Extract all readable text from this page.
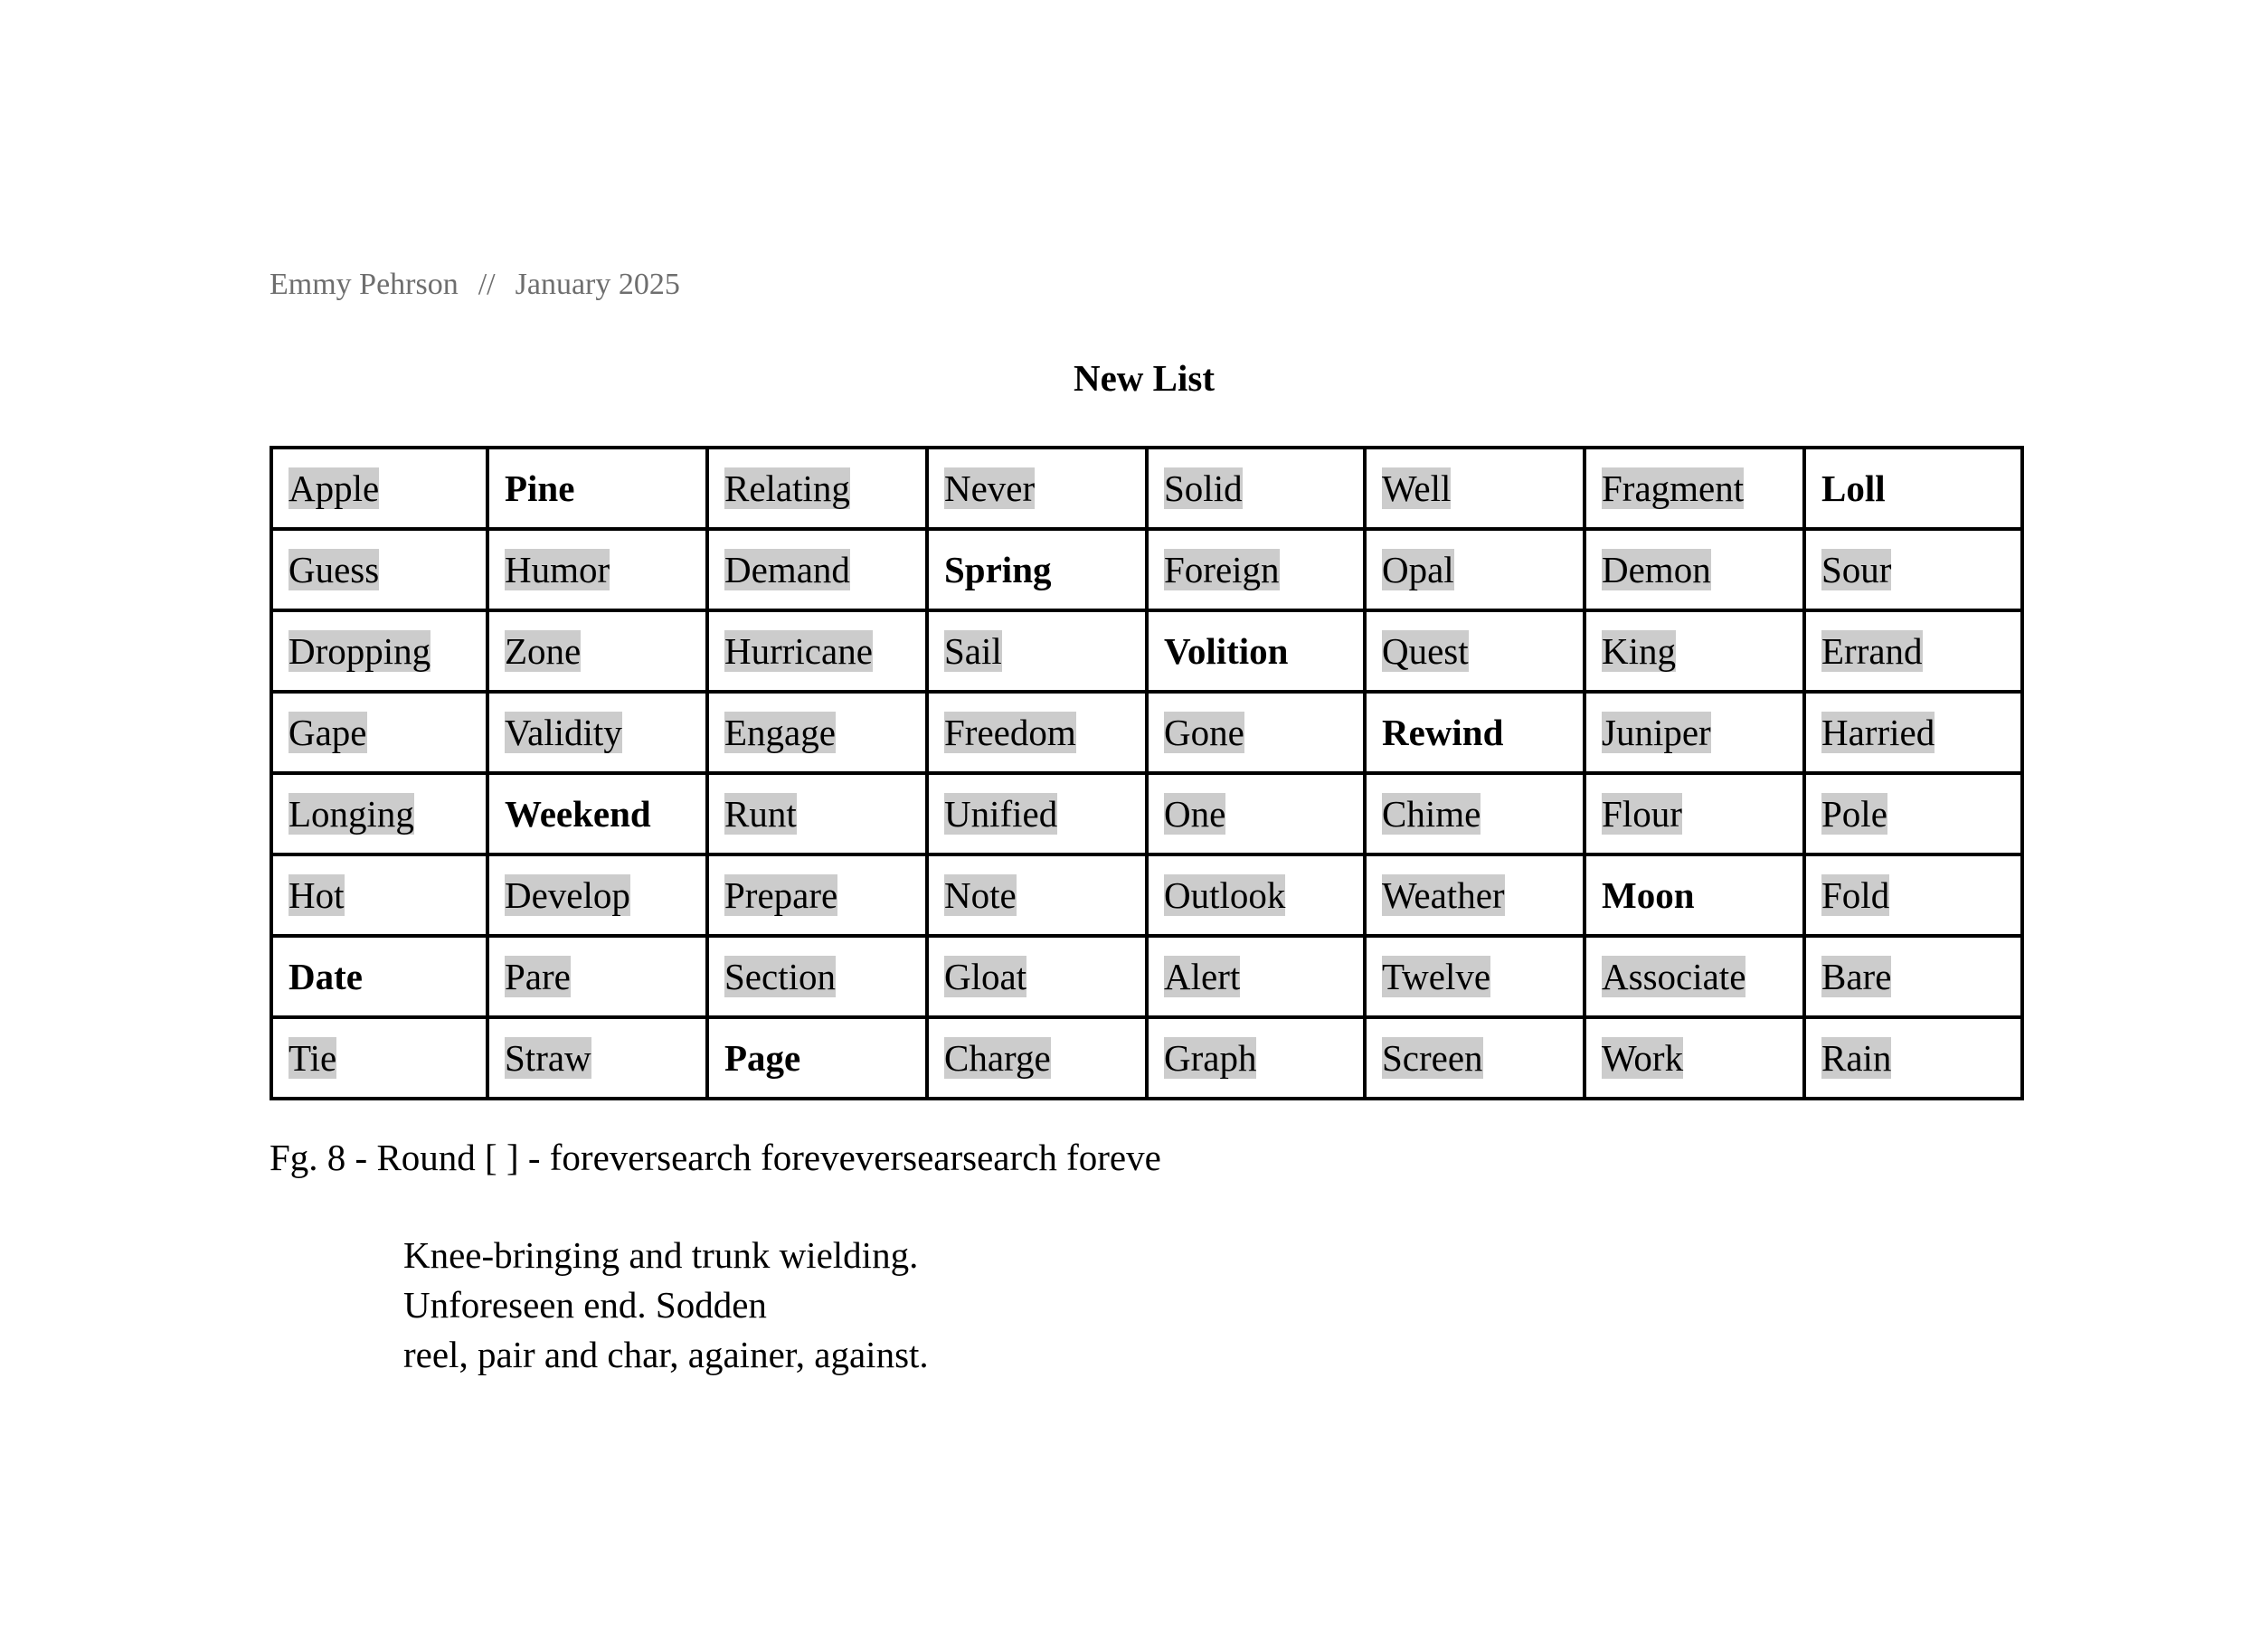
Emmy Pehrson // January 2025
New List
Apple	Pine	Relating	Never	Solid	Well	Fragment	Loll
Guess	Humor	Demand	Spring	Foreign	Opal	Demon	Sour
Dropping	Zone	Hurricane	Sail	Volition	Quest	King	Errand
Gape	Validity	Engage	Freedom	Gone	Rewind	Juniper	Harried
Longing	Weekend	Runt	Unified	One	Chime	Flour	Pole
Hot	Develop	Prepare	Note	Outlook	Weather	Moon	Fold
Date	Pare	Section	Gloat	Alert	Twelve	Associate	Bare
Tie	Straw	Page	Charge	Graph	Screen	Work	Rain
Fg. 8 - Round [ ] - foreversearch foreveversearsearch foreve
Knee-bringing and trunk wielding.
Unforeseen end. Sodden
reel, pair and char, againer, against.
